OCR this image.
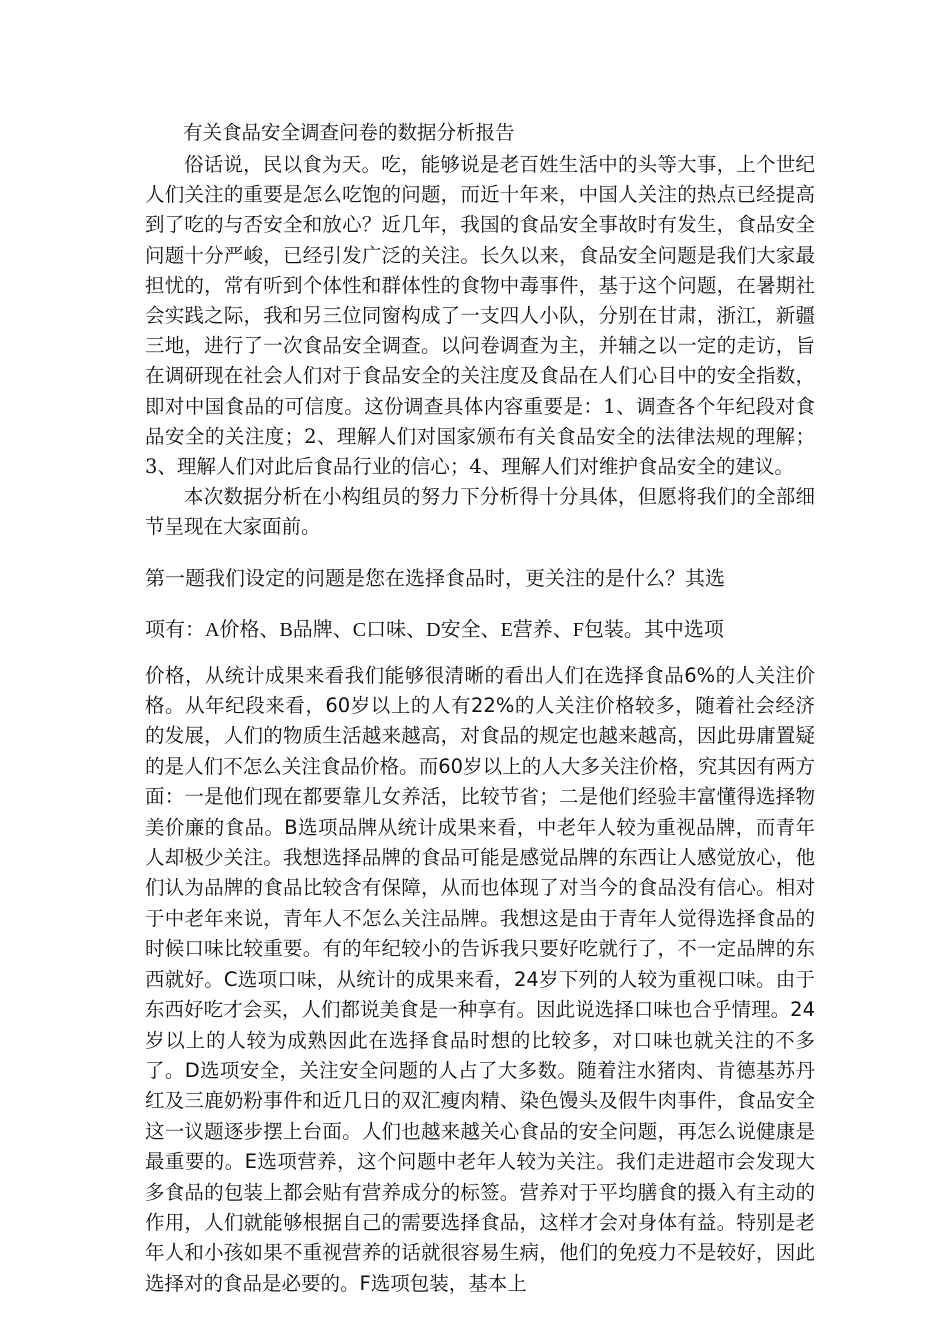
有关食品安全调查问卷的数据分析报告

俗话说，民以食为天。吃，能够说是老百姓生活中的头等大事，上个世纪人们关注的重要是怎么吃饱的问题，而近十年来，中国人关注的热点已经提高到了吃的与否安全和放心？近几年，我国的食品安全事故时有发生，食品安全问题十分严峻，已经引发广泛的关注。长久以来，食品安全问题是我们大家最担忧的，常有听到个体性和群体性的食物中毒事件，基于这个问题，在暑期社会实践之际，我和另三位同窗构成了一支四人小队，分别在甘肃，浙江，新疆三地，进行了一次食品安全调查。以问卷调查为主，并辅之以一定的走访，旨在调研现在社会人们对于食品安全的关注度及食品在人们心目中的安全指数，即对中国食品的可信度。这份调查具体内容重要是：1、调查各个年纪段对食品安全的关注度；2、理解人们对国家颁布有关食品安全的法律法规的理解；3、理解人们对此后食品行业的信心；4、理解人们对维护食品安全的建议。

本次数据分析在小构组员的努力下分析得十分具体，但愿将我们的全部细节呈现在大家面前。

第一题我们设定的问题是您在选择食品时，更关注的是什么？其选
项有：A价格、B品牌、C口味、D安全、E营养、F包装。其中选项

价格，从统计成果来看我们能够很清晰的看出人们在选择食品6%的人关注价格。从年纪段来看，60岁以上的人有22%的人关注价格较多，随着社会经济的发展，人们的物质生活越来越高，对食品的规定也越来越高，因此毋庸置疑的是人们不怎么关注食品价格。而60岁以上的人大多关注价格，究其因有两方面：一是他们现在都要靠儿女养活，比较节省；二是他们经验丰富懂得选择物美价廉的食品。B选项品牌从统计成果来看，中老年人较为重视品牌，而青年人却极少关注。我想选择品牌的食品可能是感觉品牌的东西让人感觉放心，他们认为品牌的食品比较含有保障，从而也体现了对当今的食品没有信心。相对于中老年来说，青年人不怎么关注品牌。我想这是由于青年人觉得选择食品的时候口味比较重要。有的年纪较小的告诉我只要好吃就行了，不一定品牌的东西就好。C选项口味，从统计的成果来看，24岁下列的人较为重视口味。由于东西好吃才会买，人们都说美食是一种享有。因此说选择口味也合乎情理。24岁以上的人较为成熟因此在选择食品时想的比较多，对口味也就关注的不多了。D选项安全，关注安全问题的人占了大多数。随着注水猪肉、肯德基苏丹红及三鹿奶粉事件和近几日的双汇瘦肉精、染色馒头及假牛肉事件，食品安全这一议题逐步摆上台面。人们也越来越关心食品的安全问题，再怎么说健康是最重要的。E选项营养，这个问题中老年人较为关注。我们走进超市会发现大多食品的包装上都会贴有营养成分的标签。营养对于平均膳食的摄入有主动的作用，人们就能够根据自己的需要选择食品，这样才会对身体有益。特别是老年人和小孩如果不重视营养的话就很容易生病，他们的免疫力不是较好，因此选择对的食品是必要的。F选项包装，基本上
